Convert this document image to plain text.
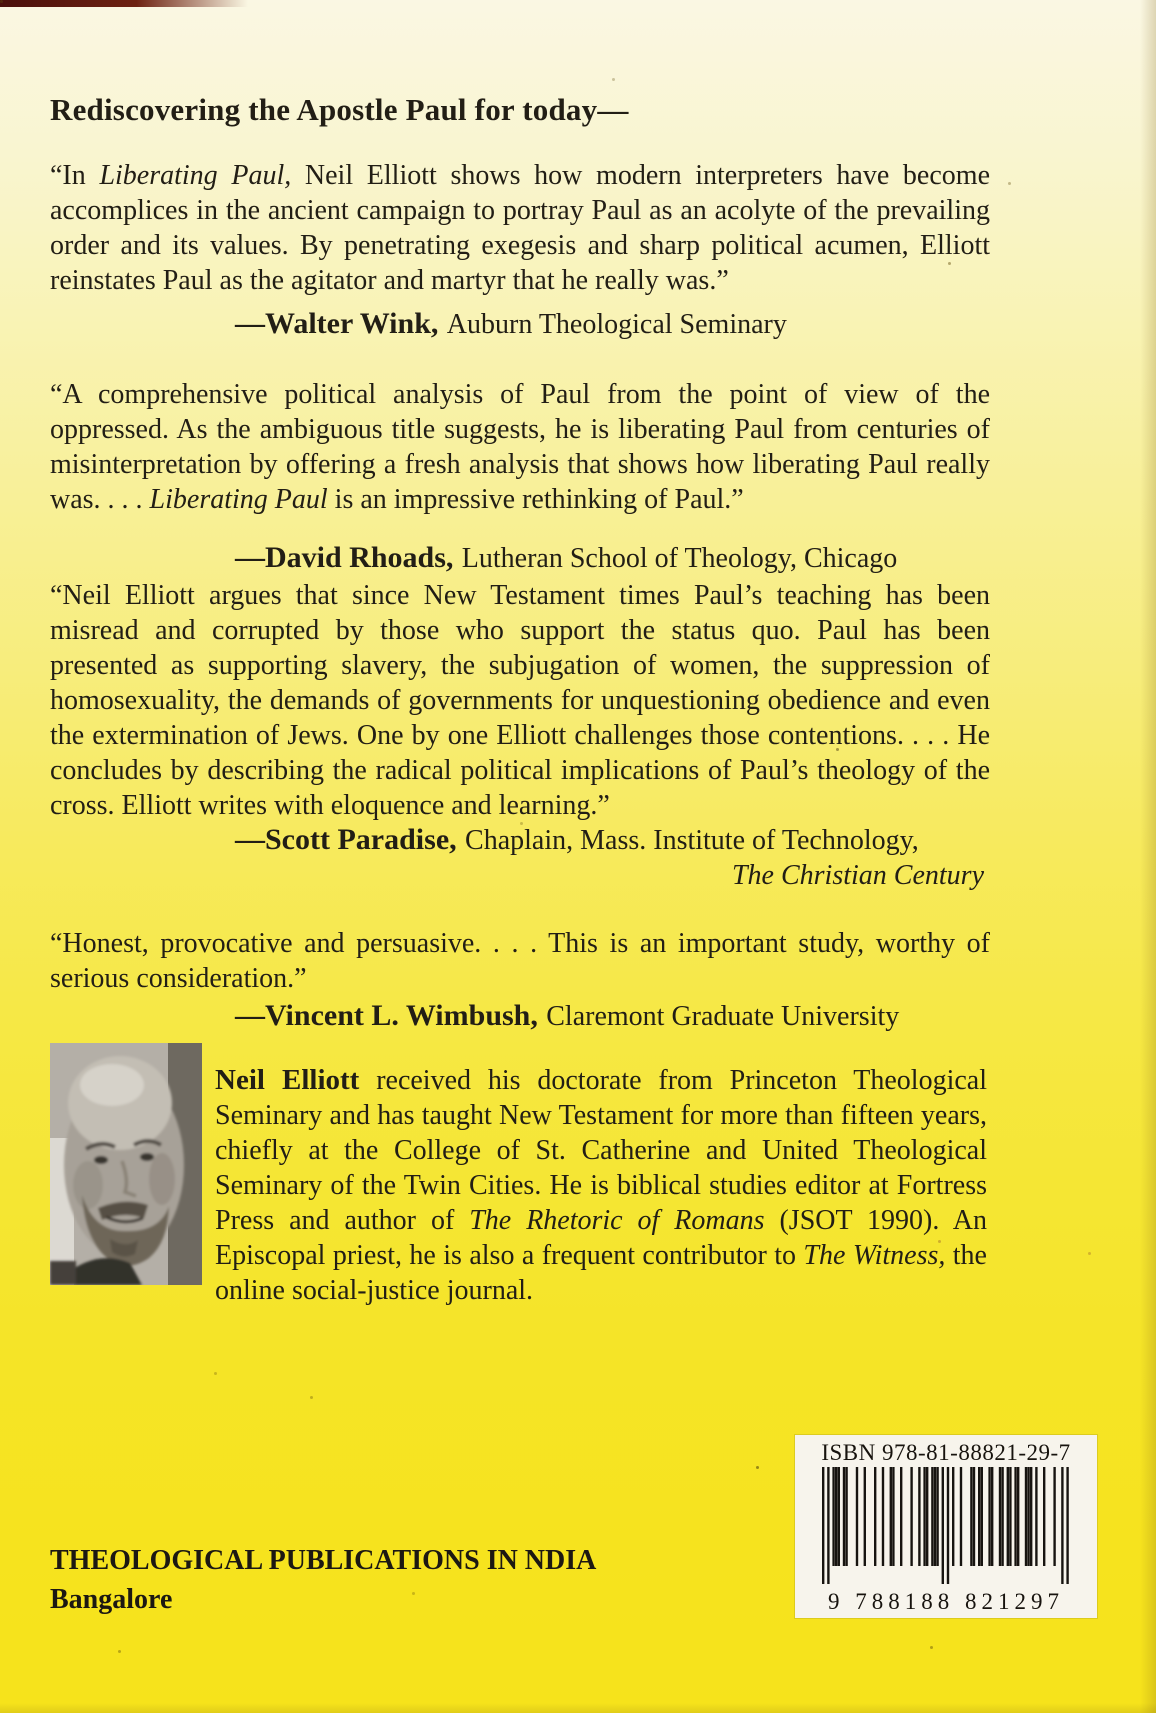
Rediscovering the Apostle Paul for today—
“In Liberating Paul, Neil Elliott shows how modern interpreters have become accomplices in the ancient campaign to portray Paul as an acolyte of the prevailing order and its values. By penetrating exegesis and sharp political acumen, Elliott reinstates Paul as the agitator and martyr that he really was.”
—Walter Wink, Auburn Theological Seminary
“A comprehensive political analysis of Paul from the point of view of the oppressed. As the ambiguous title suggests, he is liberating Paul from centuries of misinterpretation by offering a fresh analysis that shows how liberating Paul really was. . . . Liberating Paul is an impressive rethinking of Paul.”
—David Rhoads, Lutheran School of Theology, Chicago
“Neil Elliott argues that since New Testament times Paul’s teaching has been misread and corrupted by those who support the status quo. Paul has been presented as supporting slavery, the subjugation of women, the suppression of homosexuality, the demands of governments for unquestioning obedience and even the extermination of Jews. One by one Elliott challenges those contentions. . . . He concludes by describing the radical political implications of Paul’s theology of the cross. Elliott writes with eloquence and learning.”
—Scott Paradise, Chaplain, Mass. Institute of Technology,
The Christian Century
“Honest, provocative and persuasive. . . . This is an important study, worthy of serious consideration.”
—Vincent L. Wimbush, Claremont Graduate University
Neil Elliott received his doctorate from Princeton Theological Seminary and has taught New Testament for more than fifteen years, chiefly at the College of St. Catherine and United Theological Seminary of the Twin Cities. He is biblical studies editor at Fortress Press and author of The Rhetoric of Romans (JSOT 1990). An Episcopal priest, he is also a frequent contributor to The Witness, the online social-justice journal.
ISBN 978-81-88821-29-7
9 788188 821297
THEOLOGICAL PUBLICATIONS IN NDIA
Bangalore
